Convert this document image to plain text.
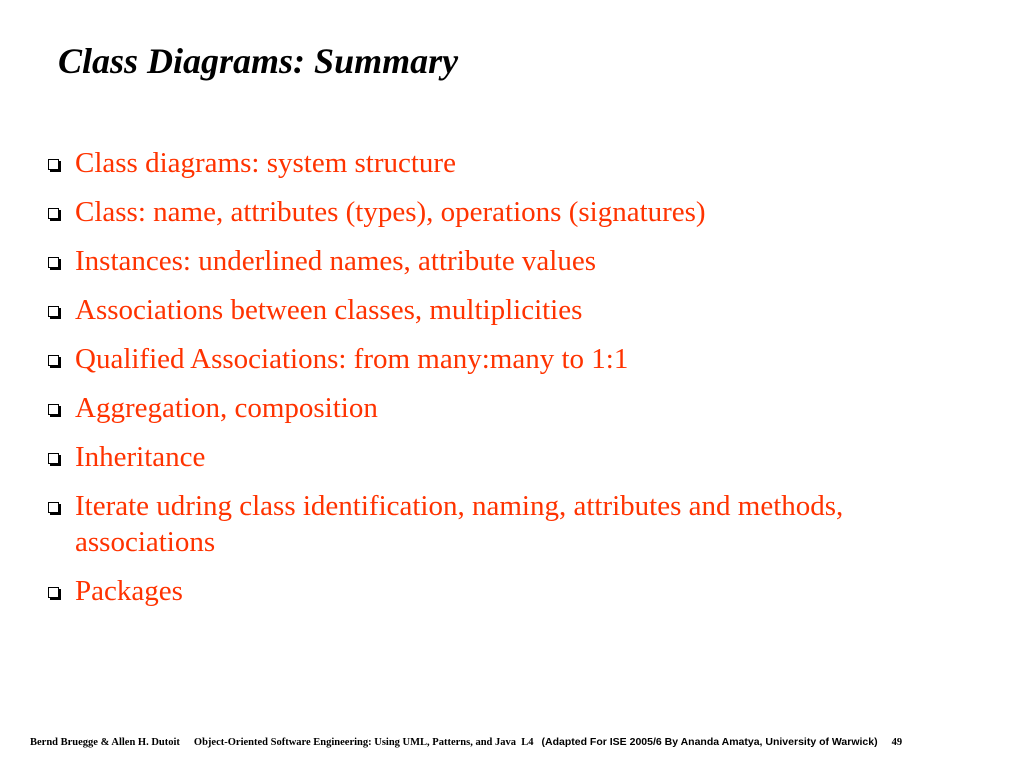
Class Diagrams: Summary
Class diagrams: system structure
Class: name, attributes (types), operations (signatures)
Instances: underlined names, attribute values
Associations between classes, multiplicities
Qualified Associations: from many:many to 1:1
Aggregation, composition
Inheritance
Iterate udring class identification, naming, attributes and methods, associations
Packages
Bernd Bruegge & Allen H. Dutoit Object-Oriented Software Engineering: Using UML, Patterns, and Java L4 (Adapted For ISE 2005/6 By Ananda Amatya, University of Warwick) 49
